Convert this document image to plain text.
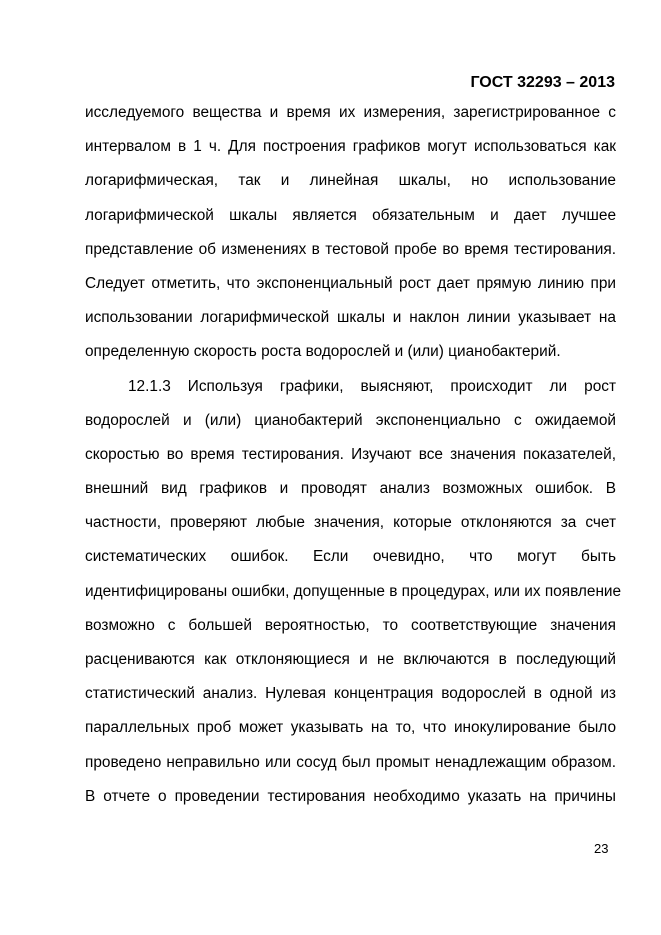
ГОСТ 32293 – 2013
исследуемого вещества и время их измерения, зарегистрированное с
интервалом в 1 ч. Для построения графиков могут использоваться как
логарифмическая, так и линейная шкалы, но использование
логарифмической шкалы является обязательным и дает лучшее
представление об изменениях в тестовой пробе во время тестирования.
Следует отметить, что экспоненциальный рост дает прямую линию при
использовании логарифмической шкалы и наклон линии указывает на
определенную скорость роста водорослей и (или) цианобактерий.
12.1.3 Используя графики, выясняют, происходит ли рост
водорослей и (или) цианобактерий экспоненциально с ожидаемой
скоростью во время тестирования. Изучают все значения показателей,
внешний вид графиков и проводят анализ возможных ошибок. В
частности, проверяют любые значения, которые отклоняются за счет
систематических ошибок. Если очевидно, что могут быть
идентифицированы ошибки, допущенные в процедурах, или их появление
возможно с большей вероятностью, то соответствующие значения
расцениваются как отклоняющиеся и не включаются в последующий
статистический анализ. Нулевая концентрация водорослей в одной из
параллельных проб может указывать на то, что инокулирование было
проведено неправильно или сосуд был промыт ненадлежащим образом.
В отчете о проведении тестирования необходимо указать на причины
23
